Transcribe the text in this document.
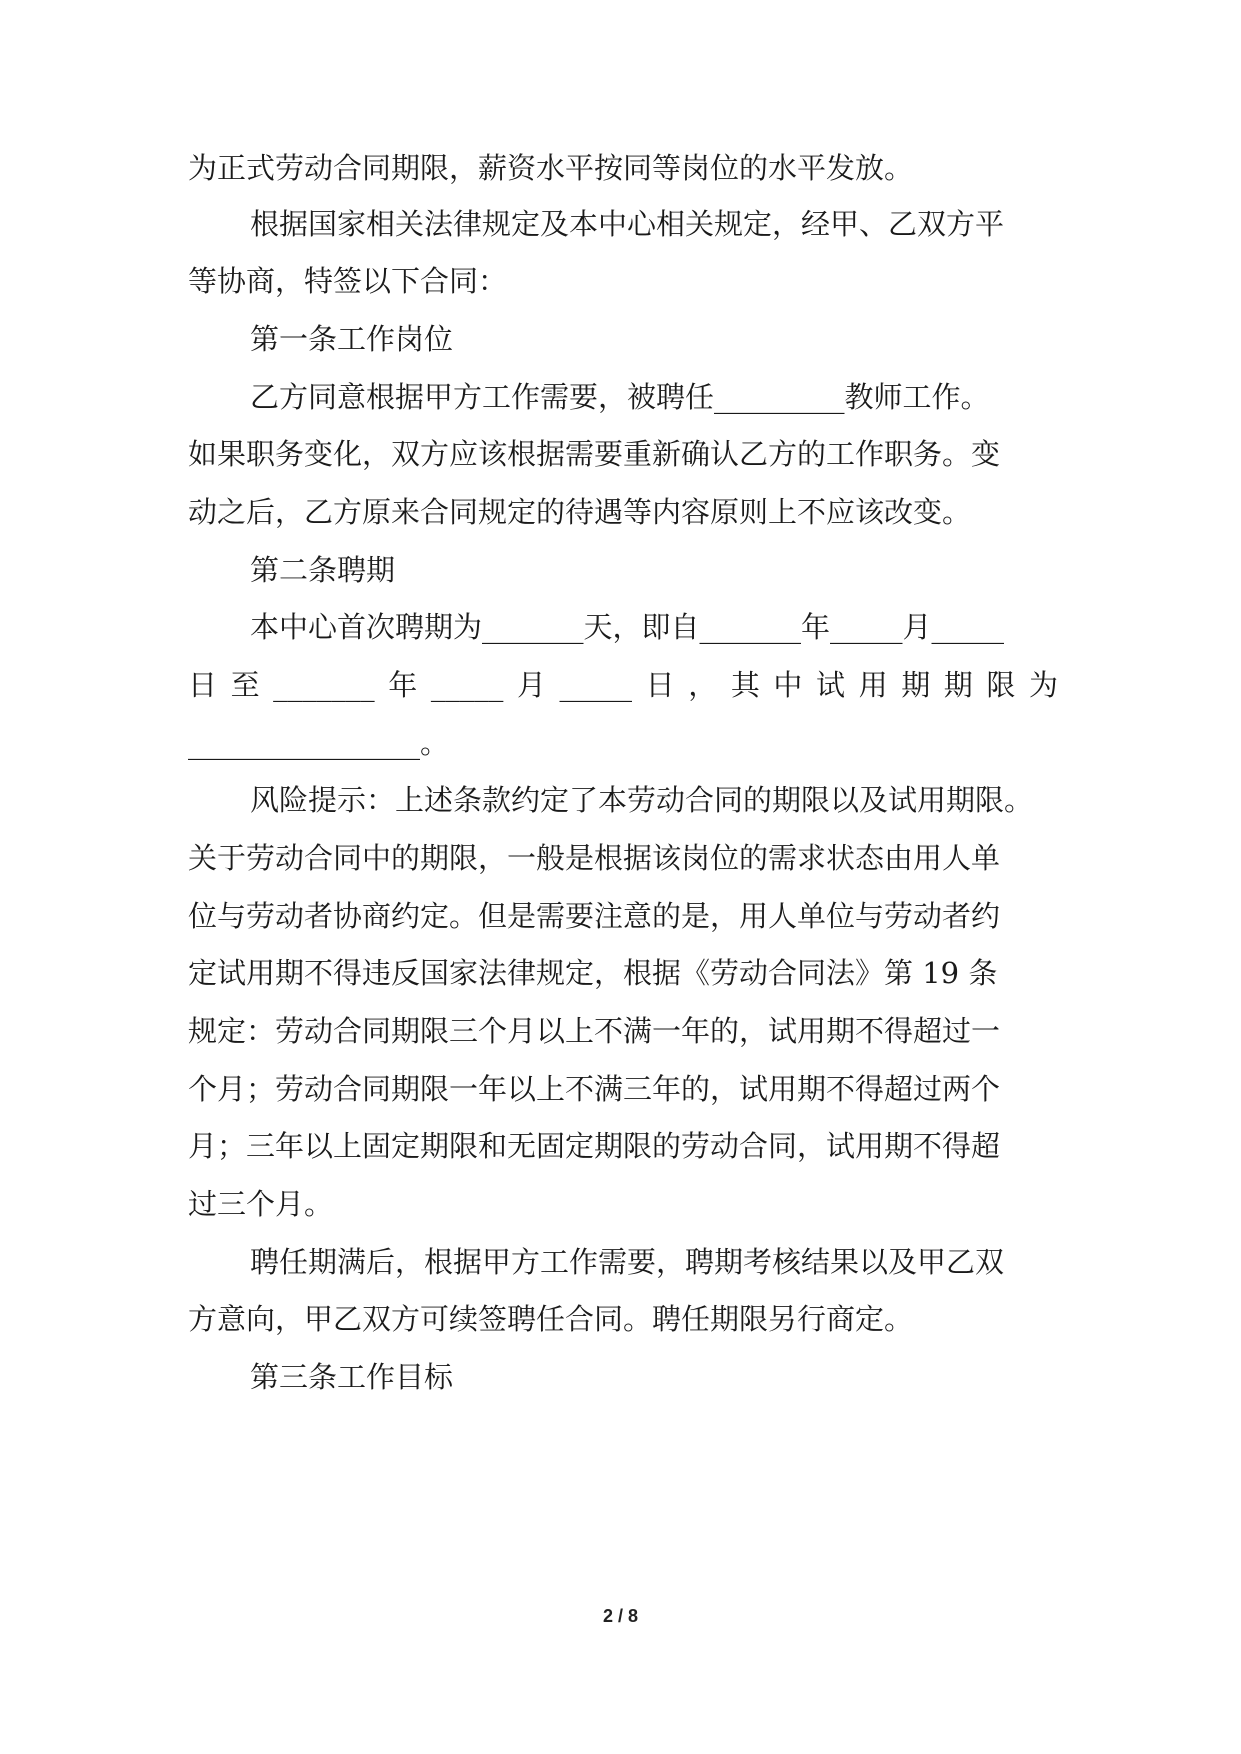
为正式劳动合同期限，薪资水平按同等岗位的水平发放。
根据国家相关法律规定及本中心相关规定，经甲、乙双方平
等协商，特签以下合同：
第一条工作岗位
乙方同意根据甲方工作需要，被聘任_________教师工作。
如果职务变化，双方应该根据需要重新确认乙方的工作职务。变
动之后，乙方原来合同规定的待遇等内容原则上不应该改变。
第二条聘期
本中心首次聘期为_______天，即自_______年_____月_____
日至_______年_____月_____日，其中试用期期限为
________________。
风险提示：上述条款约定了本劳动合同的期限以及试用期限。
关于劳动合同中的期限，一般是根据该岗位的需求状态由用人单
位与劳动者协商约定。但是需要注意的是，用人单位与劳动者约
定试用期不得违反国家法律规定，根据《劳动合同法》第 19 条
规定：劳动合同期限三个月以上不满一年的，试用期不得超过一
个月；劳动合同期限一年以上不满三年的，试用期不得超过两个
月；三年以上固定期限和无固定期限的劳动合同，试用期不得超
过三个月。
聘任期满后，根据甲方工作需要，聘期考核结果以及甲乙双
方意向，甲乙双方可续签聘任合同。聘任期限另行商定。
第三条工作目标
2 / 8
